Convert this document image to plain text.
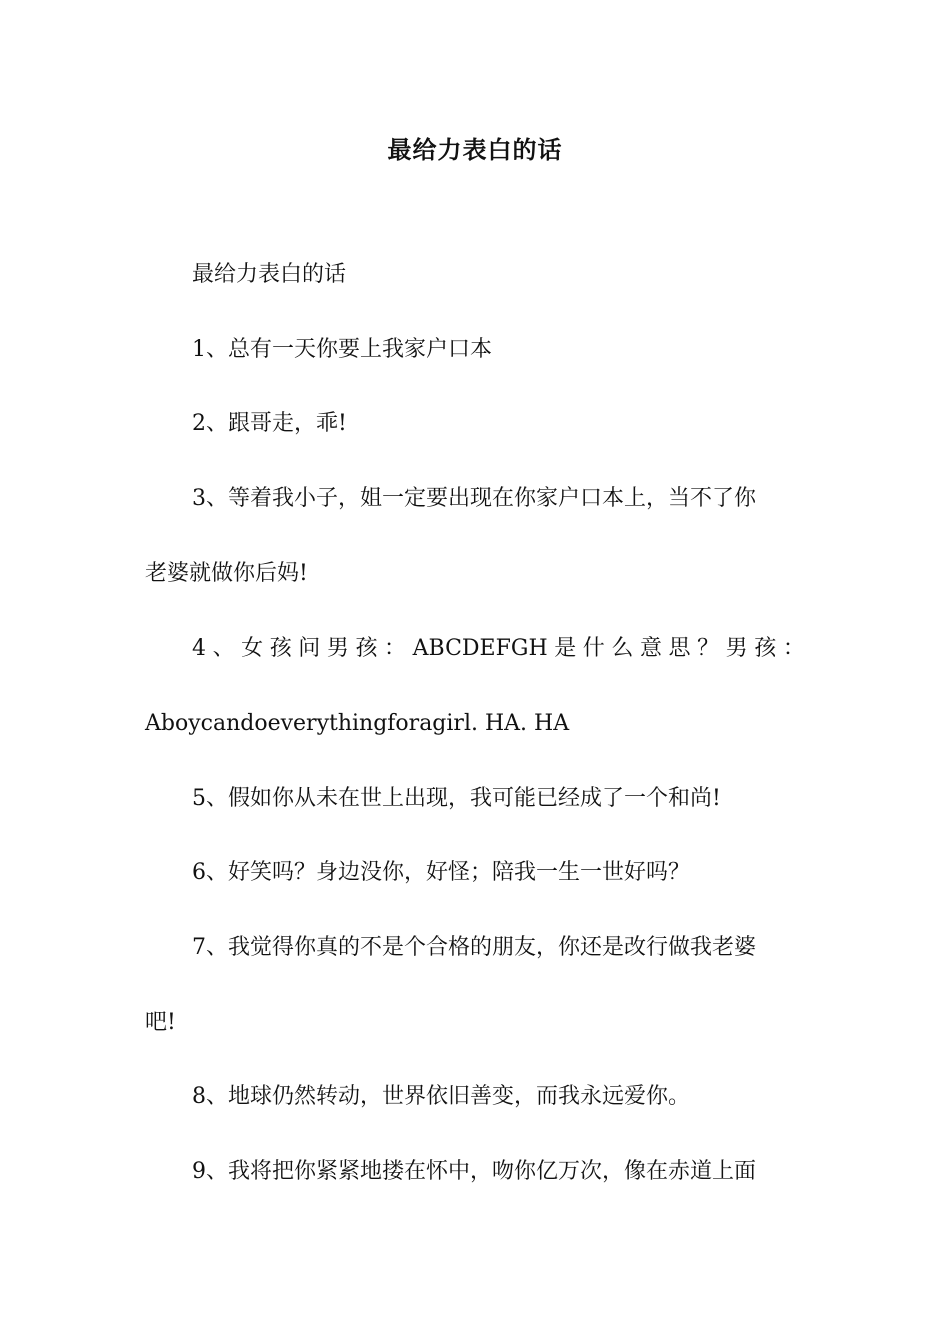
最给力表白的话
最给力表白的话
1、总有一天你要上我家户口本
2、跟哥走，乖!
3、等着我小子，姐一定要出现在你家户口本上，当不了你
老婆就做你后妈!
4 、 女 孩 问 男 孩 ： ABCDEFGH 是 什 么 意 思 ？ 男 孩 ：
Aboycandoeverythingforagirl. HA. HA
5、假如你从未在世上出现，我可能已经成了一个和尚!
6、好笑吗？身边没你，好怪；陪我一生一世好吗？
7、我觉得你真的不是个合格的朋友，你还是改行做我老婆
吧!
8、地球仍然转动，世界依旧善变，而我永远爱你。
9、我将把你紧紧地搂在怀中，吻你亿万次，像在赤道上面
